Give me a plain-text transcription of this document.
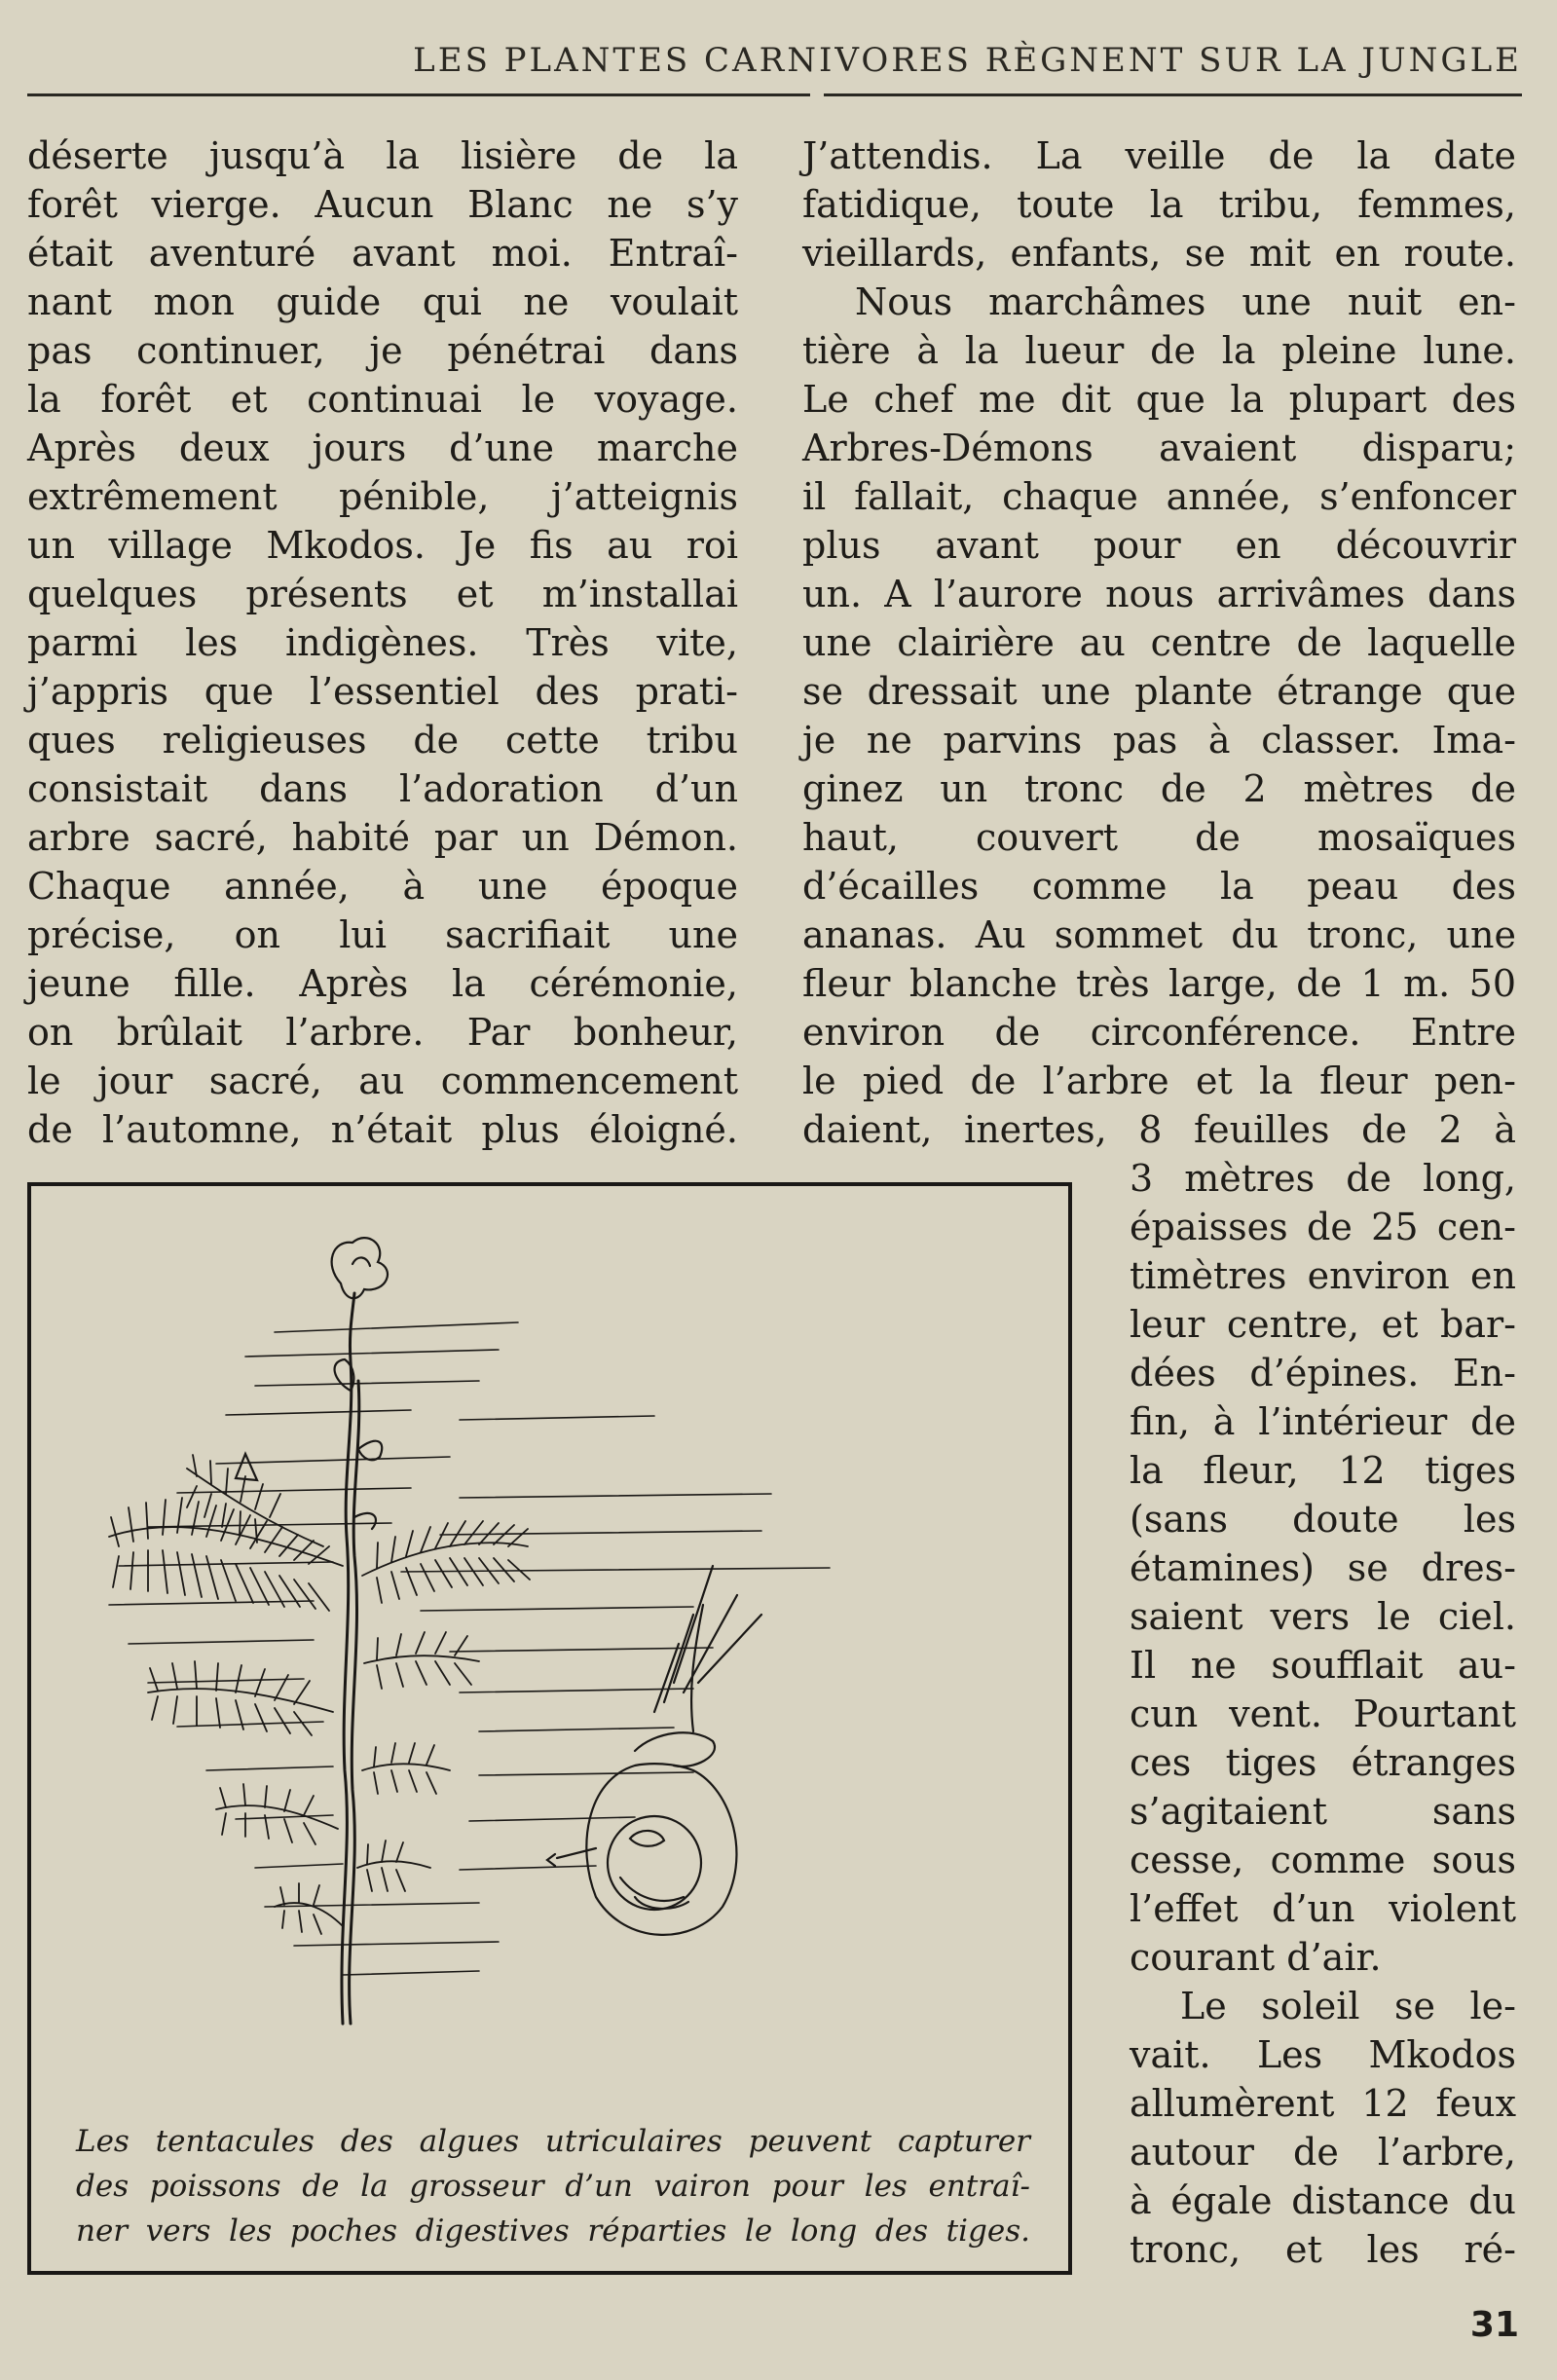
LES PLANTES CARNIVORES RÈGNENT SUR LA JUNGLE
déserte jusqu’à la lisière de la
forêt vierge. Aucun Blanc ne s’y
était aventuré avant moi. Entraî-
nant mon guide qui ne voulait
pas continuer, je pénétrai dans
la forêt et continuai le voyage.
Après deux jours d’une marche
extrêmement pénible, j’atteignis
un village Mkodos. Je fis au roi
quelques présents et m’installai
parmi les indigènes. Très vite,
j’appris que l’essentiel des prati-
ques religieuses de cette tribu
consistait dans l’adoration d’un
arbre sacré, habité par un Démon.
Chaque année, à une époque
précise, on lui sacrifiait une
jeune fille. Après la cérémonie,
on brûlait l’arbre. Par bonheur,
le jour sacré, au commencement
de l’automne, n’était plus éloigné.
J’attendis. La veille de la date
fatidique, toute la tribu, femmes,
vieillards, enfants, se mit en route.
Nous marchâmes une nuit en-
tière à la lueur de la pleine lune.
Le chef me dit que la plupart des
Arbres-Démons avaient disparu;
il fallait, chaque année, s’enfoncer
plus avant pour en découvrir
un. A l’aurore nous arrivâmes dans
une clairière au centre de laquelle
se dressait une plante étrange que
je ne parvins pas à classer. Ima-
ginez un tronc de 2 mètres de
haut, couvert de mosaïques
d’écailles comme la peau des
ananas. Au sommet du tronc, une
fleur blanche très large, de 1 m. 50
environ de circonférence. Entre
le pied de l’arbre et la fleur pen-
daient, inertes, 8 feuilles de 2 à
3 mètres de long,
épaisses de 25 cen-
timètres environ en
leur centre, et bar-
dées d’épines. En-
fin, à l’intérieur de
la fleur, 12 tiges
(sans doute les
étamines) se dres-
saient vers le ciel.
Il ne soufflait au-
cun vent. Pourtant
ces tiges étranges
s’agitaient sans
cesse, comme sous
l’effet d’un violent
courant d’air.
Le soleil se le-
vait. Les Mkodos
allumèrent 12 feux
autour de l’arbre,
à égale distance du
tronc, et les ré-
Les tentacules des algues utriculaires peuvent capturer
des poissons de la grosseur d’un vairon pour les entraî-
ner vers les poches digestives réparties le long des tiges.
31
